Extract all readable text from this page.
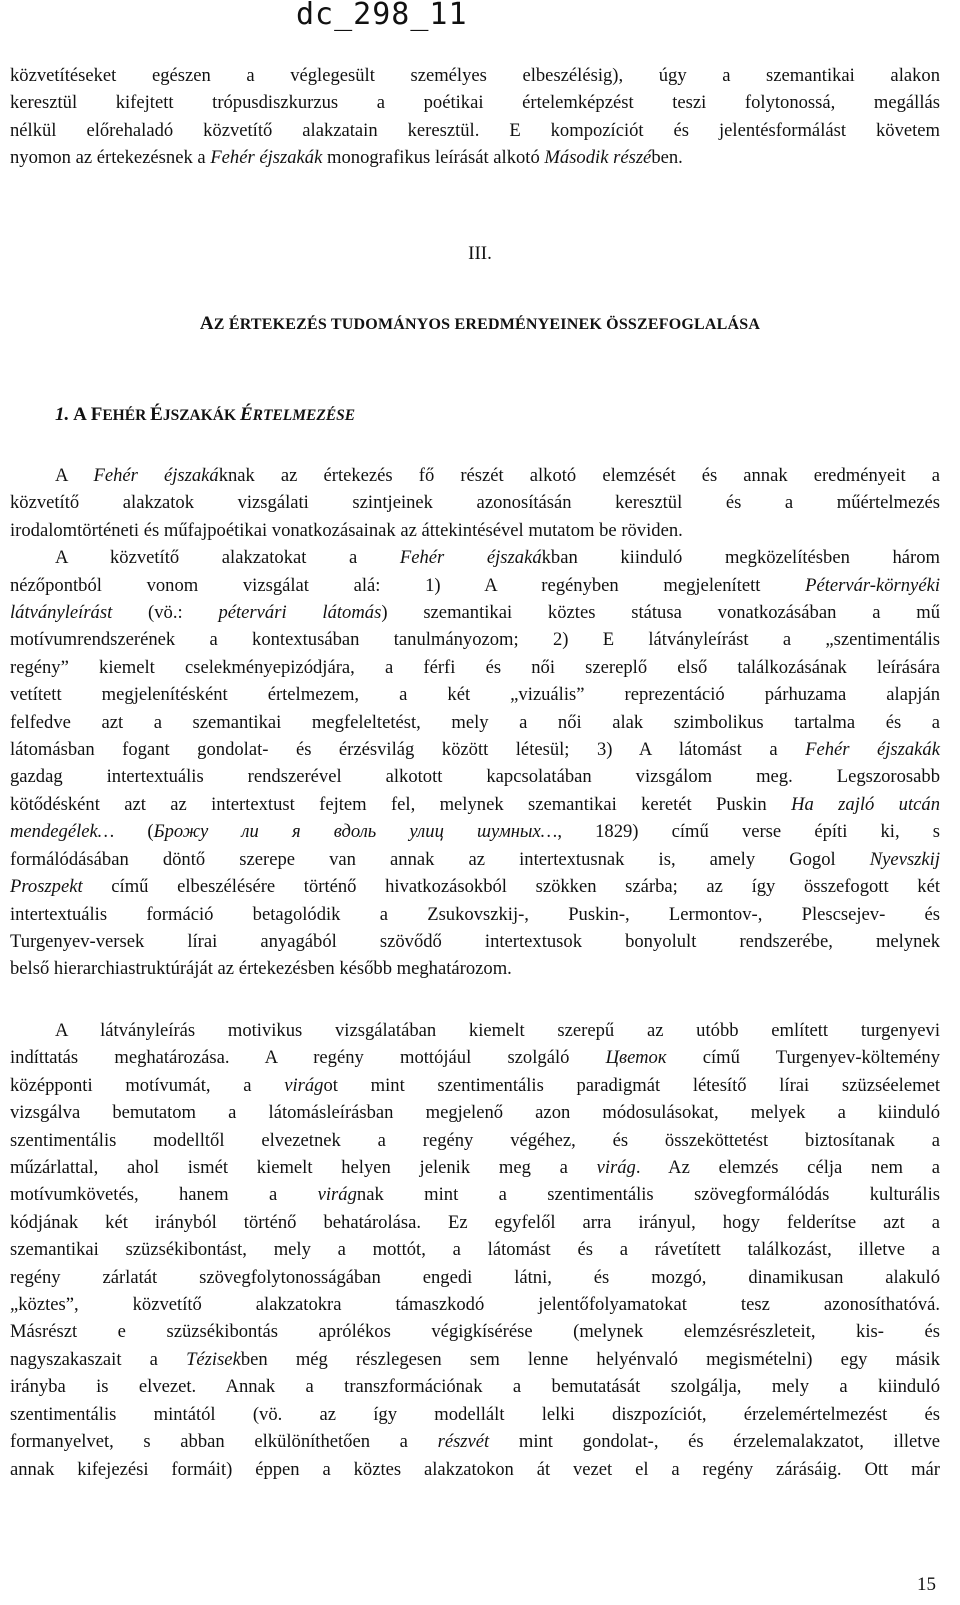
dc_298_11
közvetítéseket egészen a véglegesült személyes elbeszélésig), úgy a szemantikai alakon
keresztül kifejtett trópusdiszkurzus a poétikai értelemképzést teszi folytonossá, megállás
nélkül előrehaladó közvetítő alakzatain keresztül. E kompozíciót és jelentésformálást követem
nyomon az értekezésnek a Fehér éjszakák monografikus leírását alkotó Második részében.
III.
AZ ÉRTEKEZÉS TUDOMÁNYOS EREDMÉNYEINEK ÖSSZEFOGLALÁSA
1. A FEHÉR ÉJSZAKÁK ÉRTELMEZÉSE
A Fehér éjszakáknak az értekezés fő részét alkotó elemzését és annak eredményeit a
közvetítő alakzatok vizsgálati szintjeinek azonosításán keresztül és a műértelmezés
irodalomtörténeti és műfajpoétikai vonatkozásainak az áttekintésével mutatom be röviden.
A közvetítő alakzatokat a Fehér éjszakákban kiinduló megközelítésben három
nézőpontból vonom vizsgálat alá: 1) A regényben megjelenített Pétervár-környéki
látványleírást (vö.: pétervári látomás) szemantikai köztes státusa vonatkozásában a mű
motívumrendszerének a kontextusában tanulmányozom; 2) E látványleírást a „szentimentális
regény” kiemelt cselekményepizódjára, a férfi és női szereplő első találkozásának leírására
vetített megjelenítésként értelmezem, a két „vizuális” reprezentáció párhuzama alapján
felfedve azt a szemantikai megfeleltetést, mely a női alak szimbolikus tartalma és a
látomásban fogant gondolat- és érzésvilág között létesül; 3) A látomást a Fehér éjszakák
gazdag intertextuális rendszerével alkotott kapcsolatában vizsgálom meg. Legszorosabb
kötődésként azt az intertextust fejtem fel, melynek szemantikai keretét Puskin Ha zajló utcán
mendegélek… (Брожу ли я вдоль улиц шумных…, 1829) című verse építi ki, s
formálódásában döntő szerepe van annak az intertextusnak is, amely Gogol Nyevszkij
Proszpekt című elbeszélésére történő hivatkozásokból szökken szárba; az így összefogott két
intertextuális formáció betagolódik a Zsukovszkij-, Puskin-, Lermontov-, Plescsejev- és
Turgenyev-versek lírai anyagából szövődő intertextusok bonyolult rendszerébe, melynek
belső hierarchiastruktúráját az értekezésben később meghatározom.
A látványleírás motivikus vizsgálatában kiemelt szerepű az utóbb említett turgenyevi
indíttatás meghatározása. A regény mottójául szolgáló Цветок című Turgenyev-költemény
középponti motívumát, a virágot mint szentimentális paradigmát létesítő lírai szüzséelemet
vizsgálva bemutatom a látomásleírásban megjelenő azon módosulásokat, melyek a kiinduló
szentimentális modelltől elvezetnek a regény végéhez, és összeköttetést biztosítanak a
műzárlattal, ahol ismét kiemelt helyen jelenik meg a virág. Az elemzés célja nem a
motívumkövetés, hanem a virágnak mint a szentimentális szövegformálódás kulturális
kódjának két irányból történő behatárolása. Ez egyfelől arra irányul, hogy felderítse azt a
szemantikai szüzsékibontást, mely a mottót, a látomást és a rávetített találkozást, illetve a
regény zárlatát szövegfolytonosságában engedi látni, és mozgó, dinamikusan alakuló
„köztes”, közvetítő alakzatokra támaszkodó jelentőfolyamatokat tesz azonosíthatóvá.
Másrészt e szüzsékibontás aprólékos végigkísérése (melynek elemzésrészleteit, kis- és
nagyszakaszait a Tézisekben még részlegesen sem lenne helyénvaló megismételni) egy másik
irányba is elvezet. Annak a transzformációnak a bemutatását szolgálja, mely a kiinduló
szentimentális mintától (vö. az így modellált lelki diszpozíciót, érzelemértelmezést és
formanyelvet, s abban elkülöníthetően a részvét mint gondolat-, és érzelemalakzatot, illetve
annak kifejezési formáit) éppen a köztes alakzatokon át vezet el a regény zárásáig. Ott már
15
